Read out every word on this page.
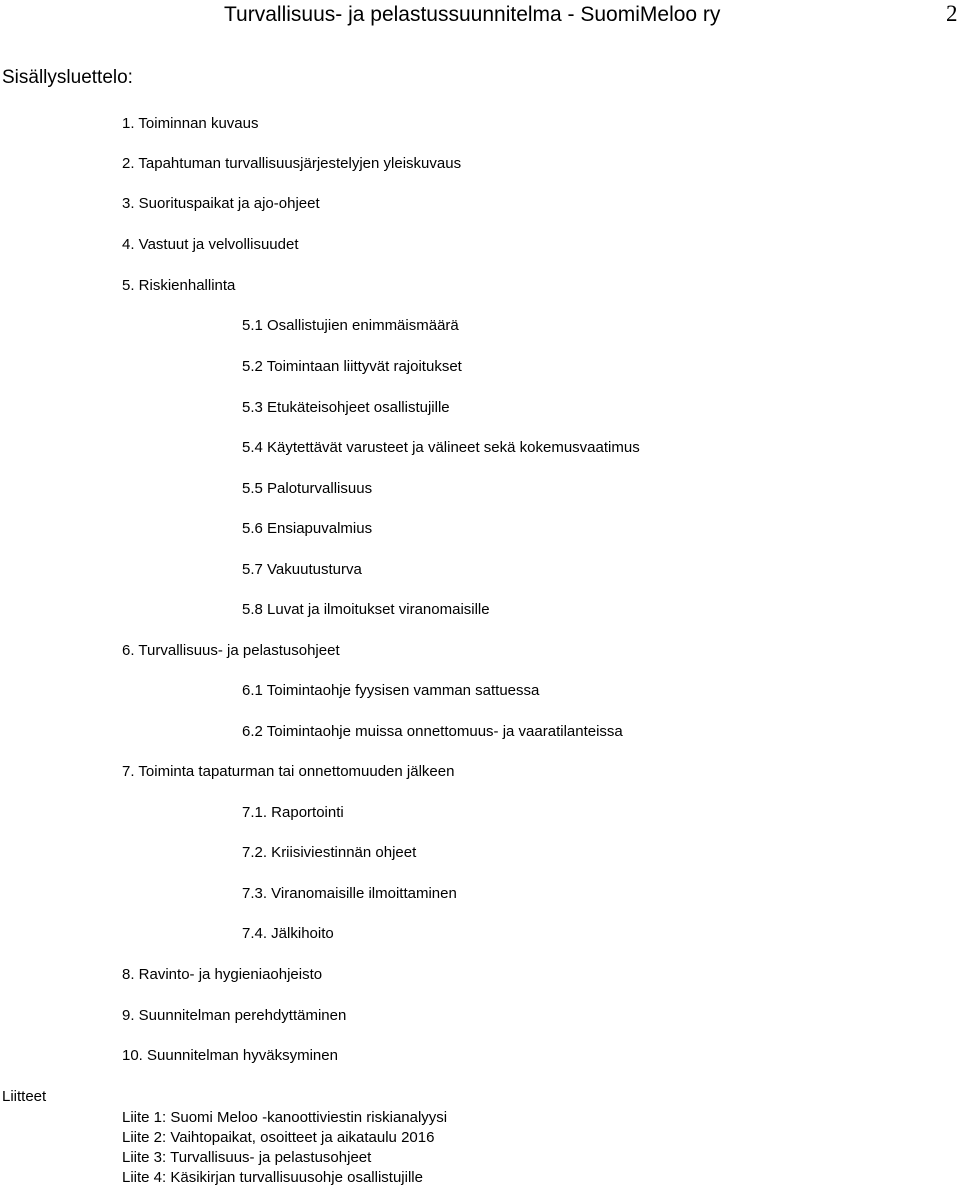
Turvallisuus- ja pelastussuunnitelma - SuomiMeloo ry	2
Sisällysluettelo:
1. Toiminnan kuvaus
2. Tapahtuman turvallisuusjärjestelyjen yleiskuvaus
3. Suorituspaikat ja ajo-ohjeet
4. Vastuut ja velvollisuudet
5. Riskienhallinta
5.1 Osallistujien enimmäismäärä
5.2 Toimintaan liittyvät rajoitukset
5.3 Etukäteisohjeet osallistujille
5.4 Käytettävät varusteet ja välineet sekä kokemusvaatimus
5.5 Paloturvallisuus
5.6 Ensiapuvalmius
5.7 Vakuutusturva
5.8 Luvat ja ilmoitukset viranomaisille
6. Turvallisuus- ja pelastusohjeet
6.1 Toimintaohje fyysisen vamman sattuessa
6.2 Toimintaohje muissa onnettomuus- ja vaaratilanteissa
7. Toiminta tapaturman tai onnettomuuden jälkeen
7.1. Raportointi
7.2. Kriisiviestinnän ohjeet
7.3. Viranomaisille ilmoittaminen
7.4. Jälkihoito
8. Ravinto- ja hygieniaohjeisto
9. Suunnitelman perehdyttäminen
10. Suunnitelman hyväksyminen
Liitteet
Liite 1: Suomi Meloo -kanoottiviestin riskianalyysi
Liite 2: Vaihtopaikat, osoitteet ja aikataulu 2016
Liite 3: Turvallisuus- ja pelastusohjeet
Liite 4: Käsikirjan turvallisuusohje osallistujille
